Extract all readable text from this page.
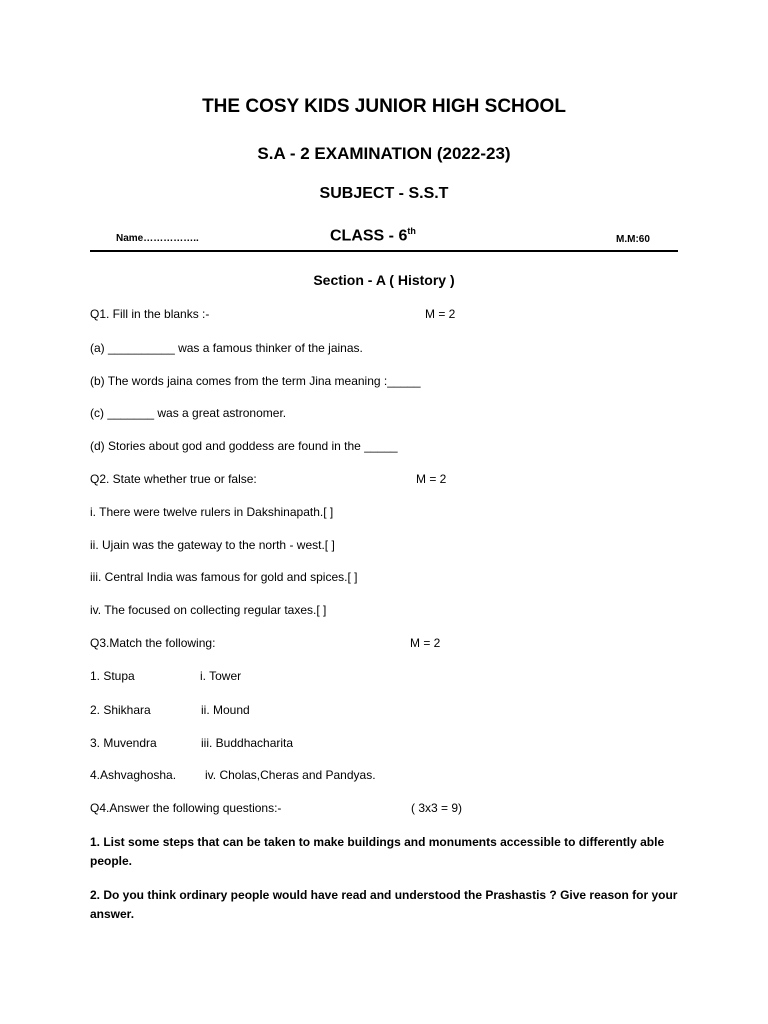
THE COSY KIDS JUNIOR HIGH SCHOOL
S.A - 2 EXAMINATION (2022-23)
SUBJECT - S.S.T
Name……………..	CLASS - 6th
M.M:60
Section - A ( History )
Q1. Fill in the blanks :-	M = 2
(a) __________ was a famous thinker of the jainas.
(b) The words jaina comes from the term Jina meaning :_____
(c) _______ was a great astronomer.
(d) Stories about god and goddess are found in the _____
Q2. State whether true or false:	M = 2
i. There were twelve rulers in Dakshinapath.[ ]
ii. Ujain was the gateway to the north - west.[ ]
iii. Central India was famous for gold and spices.[ ]
iv. The focused on collecting regular taxes.[ ]
Q3.Match the following:	M = 2
1. Stupa	i. Tower
2. Shikhara	ii. Mound
3. Muvendra	iii. Buddhacharita
4.Ashvaghosha. iv. Cholas,Cheras and Pandyas.
Q4.Answer the following questions:-	( 3x3 = 9)
1. List some steps that can be taken to make buildings and monuments accessible to differently able people.
2. Do you think ordinary people would have read and understood the Prashastis ? Give reason for your answer.
